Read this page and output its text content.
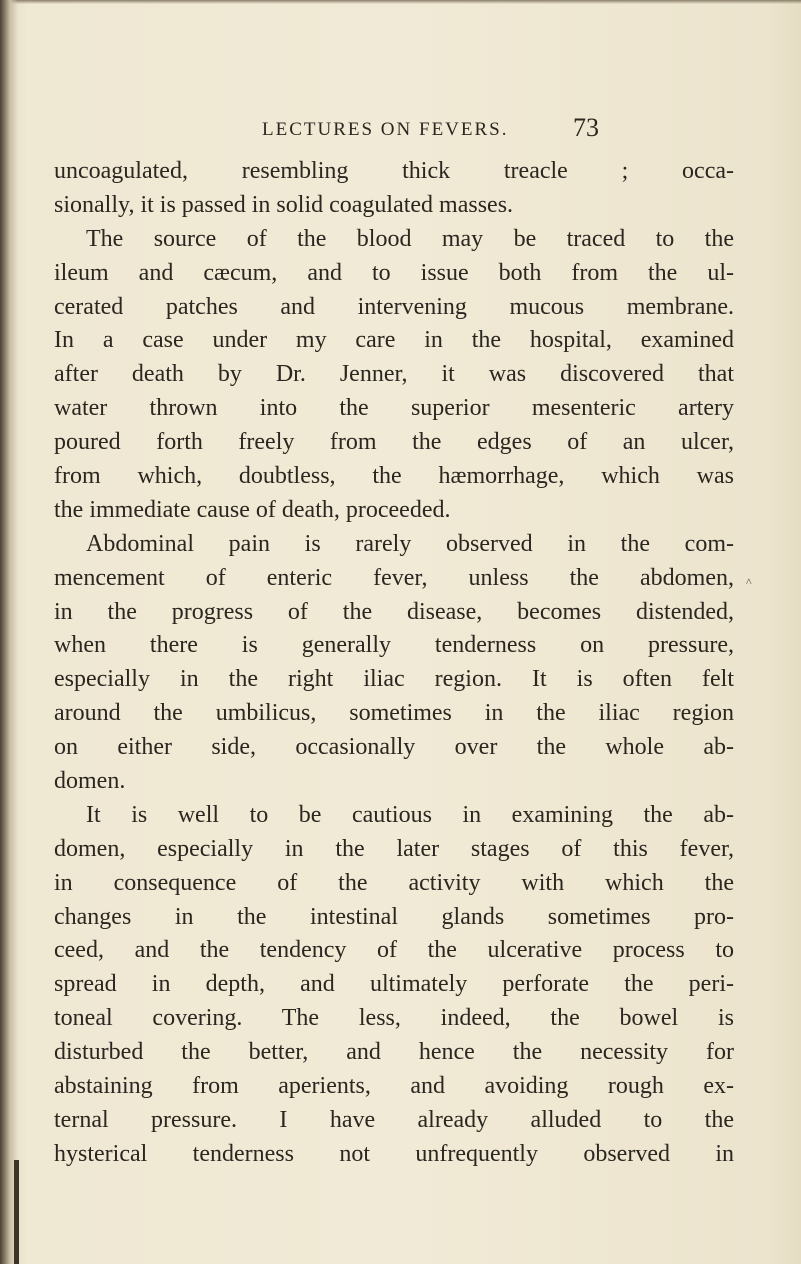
LECTURES ON FEVERS. 73
uncoagulated, resembling thick treacle ; occa-
sionally, it is passed in solid coagulated masses.
The source of the blood may be traced to the
ileum and cæcum, and to issue both from the ul-
cerated patches and intervening mucous membrane.
In a case under my care in the hospital, examined
after death by Dr. Jenner, it was discovered that
water thrown into the superior mesenteric artery
poured forth freely from the edges of an ulcer,
from which, doubtless, the hæmorrhage, which was
the immediate cause of death, proceeded.
Abdominal pain is rarely observed in the com-
mencement of enteric fever, unless the abdomen,
in the progress of the disease, becomes distended,
when there is generally tenderness on pressure,
especially in the right iliac region. It is often felt
around the umbilicus, sometimes in the iliac region
on either side, occasionally over the whole ab-
domen.
It is well to be cautious in examining the ab-
domen, especially in the later stages of this fever,
in consequence of the activity with which the
changes in the intestinal glands sometimes pro-
ceed, and the tendency of the ulcerative process to
spread in depth, and ultimately perforate the peri-
toneal covering. The less, indeed, the bowel is
disturbed the better, and hence the necessity for
abstaining from aperients, and avoiding rough ex-
ternal pressure. I have already alluded to the
hysterical tenderness not unfrequently observed in
^
